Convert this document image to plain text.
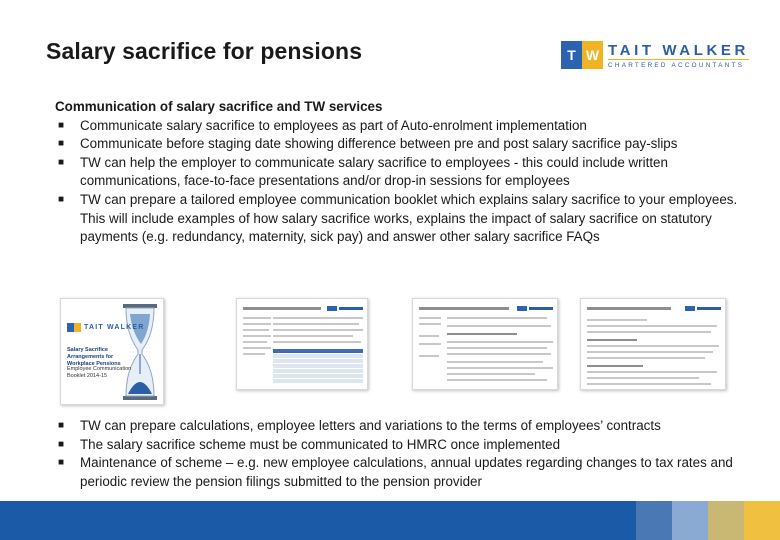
Salary sacrifice for pensions	T W TAIT WALKER
CHARTERED ACCOUNTANTS
Communication of salary sacrifice and TW services
■ Communicate salary sacrifice to employees as part of Auto-enrolment implementation
■ Communicate before staging date showing difference between pre and post salary sacrifice pay-slips
■ TW can help the employer to communicate salary sacrifice to employees - this could include written communications, face-to-face presentations and/or drop-in sessions for employees
■ TW can prepare a tailored employee communication booklet which explains salary sacrifice to your employees. This will include examples of how salary sacrifice works, explains the impact of salary sacrifice on statutory payments (e.g. redundancy, maternity, sick pay) and answer other salary sacrifice FAQs
TAIT WALKER
Salary Sacrifice Arrangements for Workplace Pensions
Employee Communication Booklet 2014-15
■ TW can prepare calculations, employee letters and variations to the terms of employees’ contracts
■ The salary sacrifice scheme must be communicated to HMRC once implemented
■ Maintenance of scheme – e.g. new employee calculations, annual updates regarding changes to tax rates and periodic review the pension filings submitted to the pension provider
